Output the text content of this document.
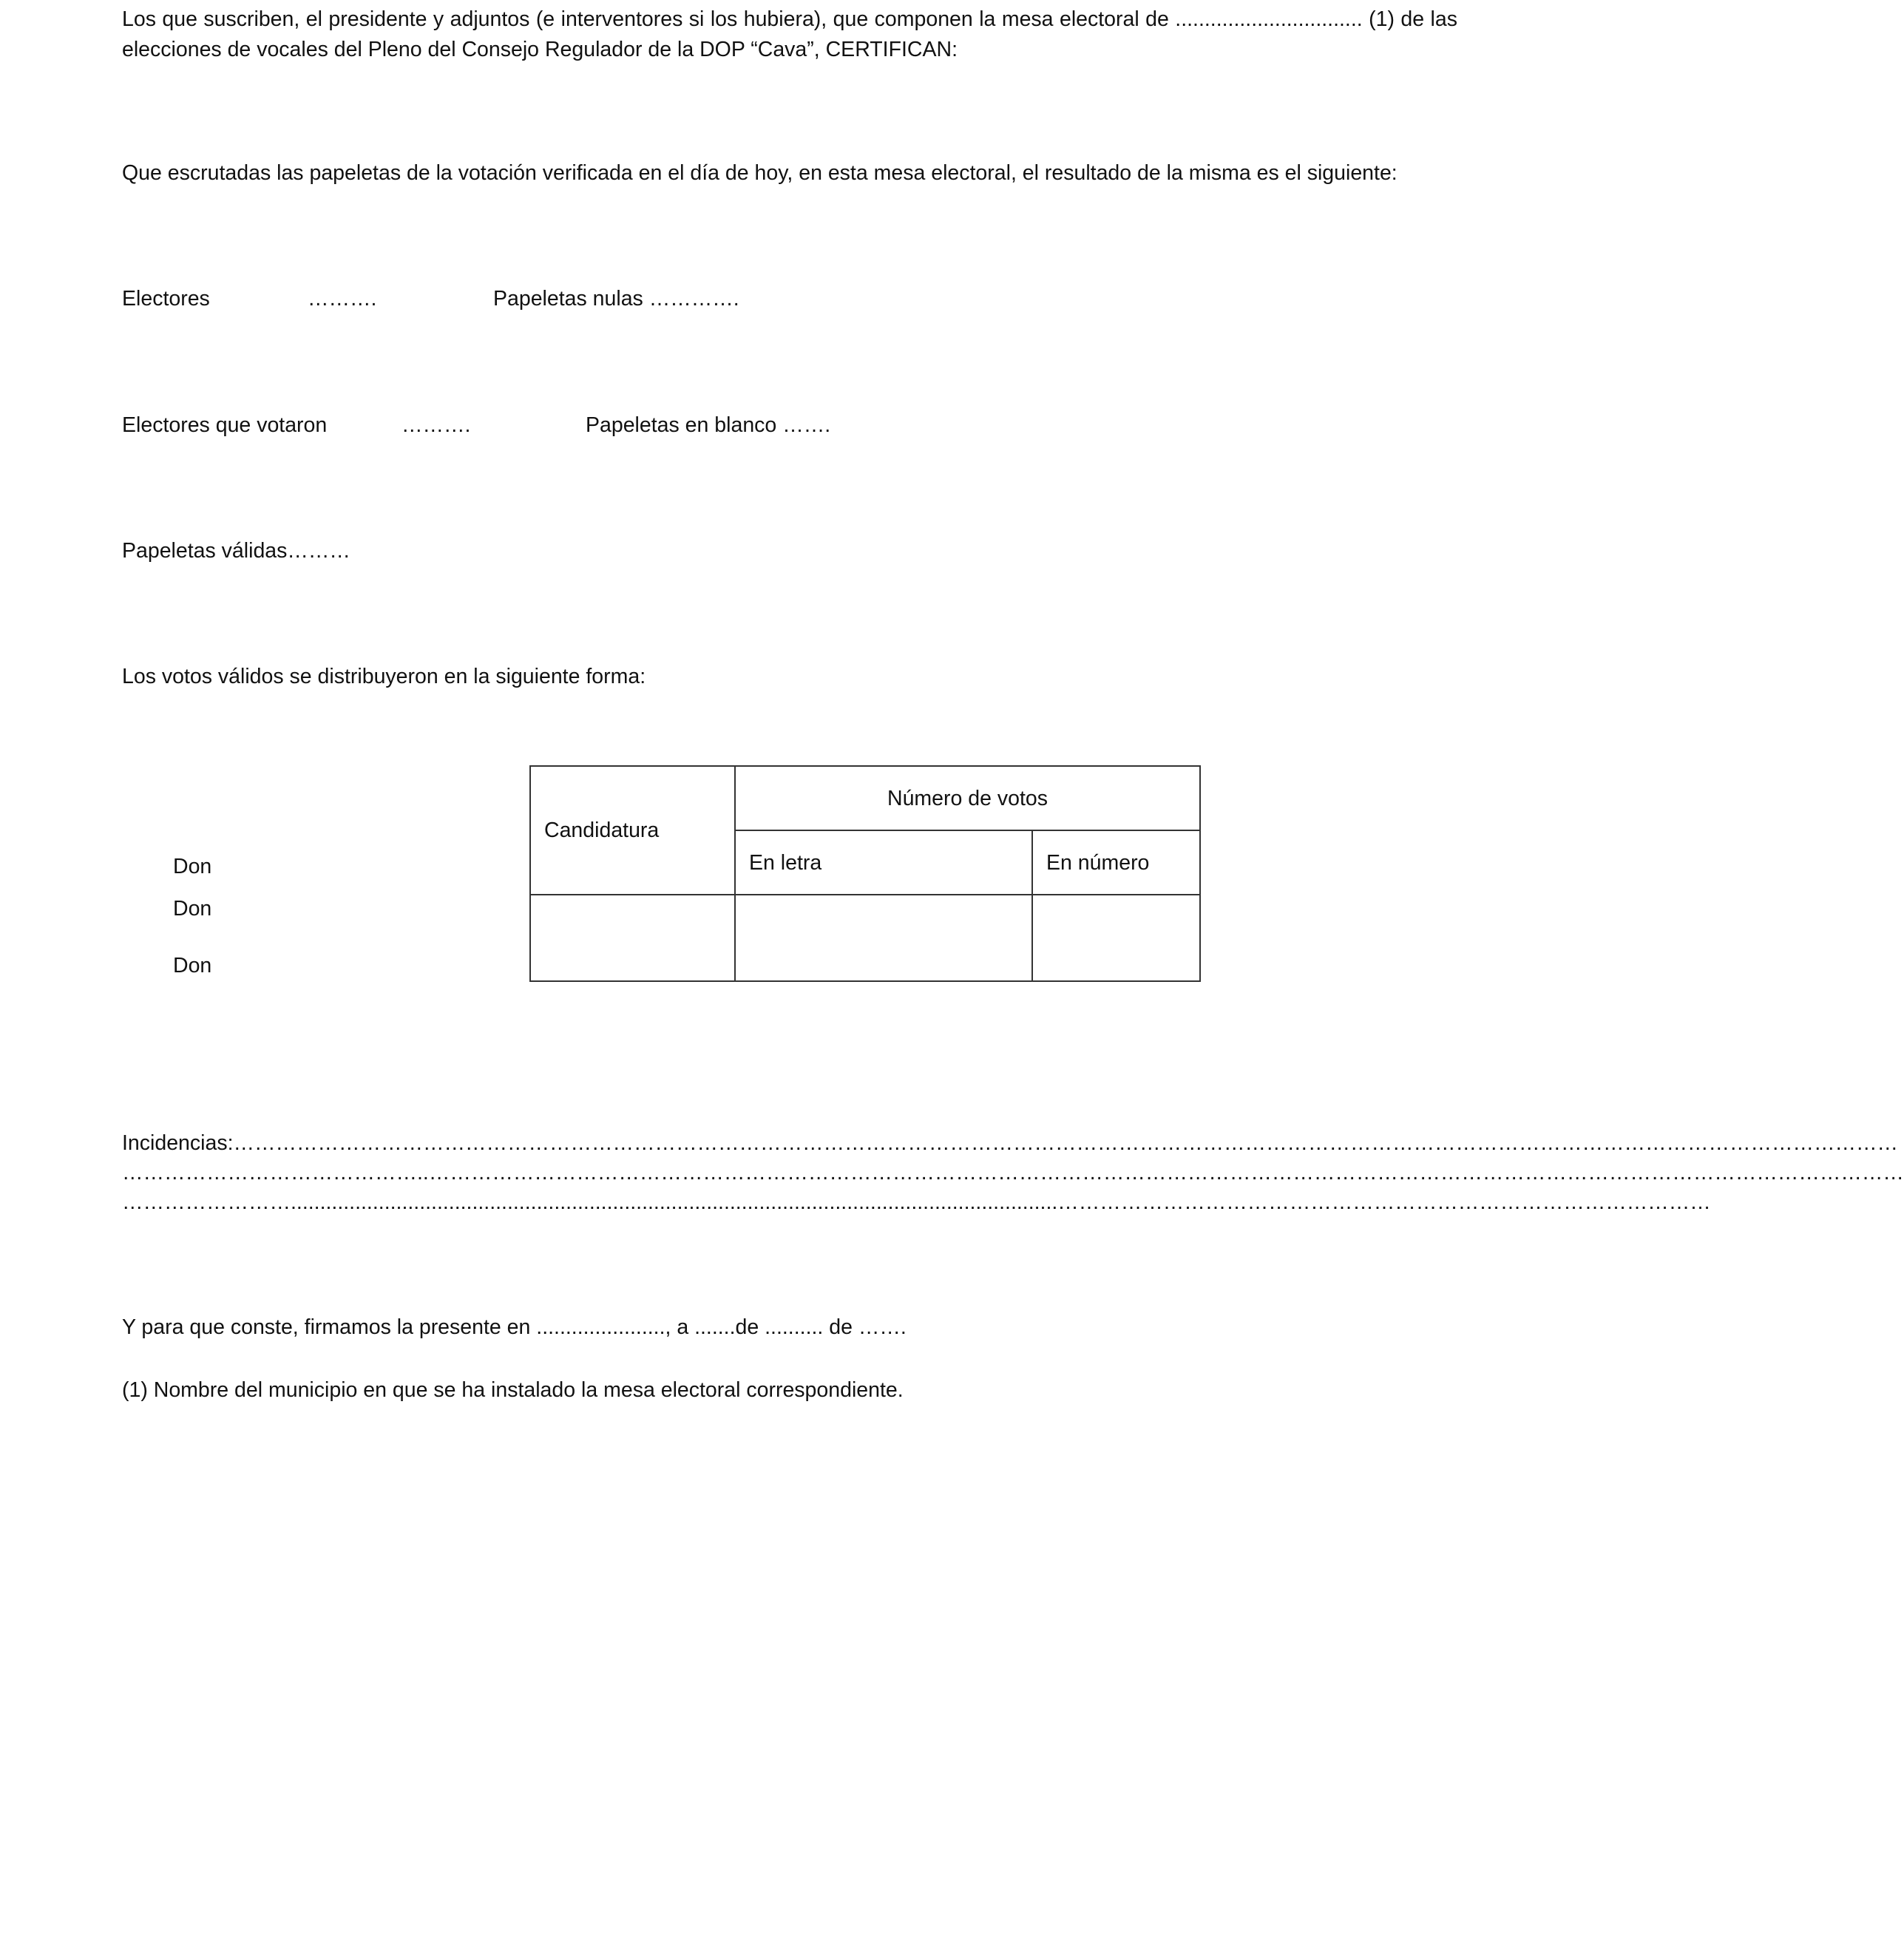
Los que suscriben, el presidente y adjuntos (e interventores si los hubiera), que componen la mesa electoral de ................................ (1) de las elecciones de vocales del Pleno del Consejo Regulador de la DOP “Cava”, CERTIFICAN:
Que escrutadas las papeletas de la votación verificada en el día de hoy, en esta mesa electoral, el resultado de la misma es el siguiente:
Electores	……….	Papeletas nulas ………….
Electores que votaron	……….	Papeletas en blanco …….
Papeletas válidas………
Los votos válidos se distribuyeron en la siguiente forma:
Don
Don
Don
Candidatura	Número de votos	
	En letra	En número

Incidencias:…………………………………………………………………………………………………………………………………………………………………………………………………………………
……………………………………..…………………………………………………………………………………………………………………………………………………………………………………………
……………………...................................................................................................................................…………………………………………………………………………………
Y para que conste, firmamos la presente en ......................, a .......de .......... de …….
(1) Nombre del municipio en que se ha instalado la mesa electoral correspondiente.
